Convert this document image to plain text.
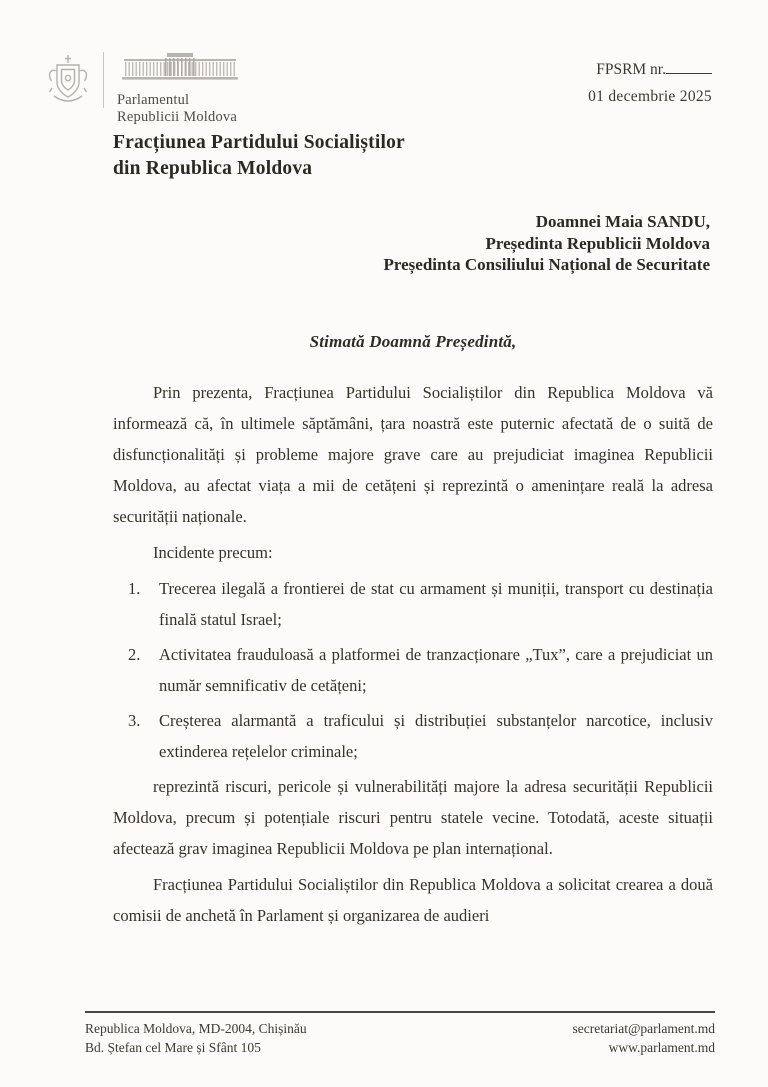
Parlamentul
Republicii Moldova
FPSRM nr.
01 decembrie 2025
Fracțiunea Partidului Socialiștilor
din Republica Moldova
Doamnei Maia SANDU,
Președinta Republicii Moldova
Președinta Consiliului Național de Securitate
Stimată Doamnă Președintă,
Prin prezenta, Fracțiunea Partidului Socialiștilor din Republica Moldova vă informează că, în ultimele săptămâni, țara noastră este puternic afectată de o suită de disfuncționalități și probleme majore grave care au prejudiciat imaginea Republicii Moldova, au afectat viața a mii de cetățeni și reprezintă o amenințare reală la adresa securității naționale.
Incidente precum:
1.	Trecerea ilegală a frontierei de stat cu armament și muniții, transport cu destinația finală statul Israel;
2.	Activitatea frauduloasă a platformei de tranzacționare „Tux”, care a prejudiciat un număr semnificativ de cetățeni;
3.	Creșterea alarmantă a traficului și distribuției substanțelor narcotice, inclusiv extinderea rețelelor criminale;
reprezintă riscuri, pericole și vulnerabilități majore la adresa securității Republicii Moldova, precum și potențiale riscuri pentru statele vecine. Totodată, aceste situații afectează grav imaginea Republicii Moldova pe plan internațional.
Fracțiunea Partidului Socialiștilor din Republica Moldova a solicitat crearea a două comisii de anchetă în Parlament și organizarea de audieri
Republica Moldova, MD-2004, Chișinău
Bd. Ștefan cel Mare și Sfânt 105
secretariat@parlament.md
www.parlament.md
